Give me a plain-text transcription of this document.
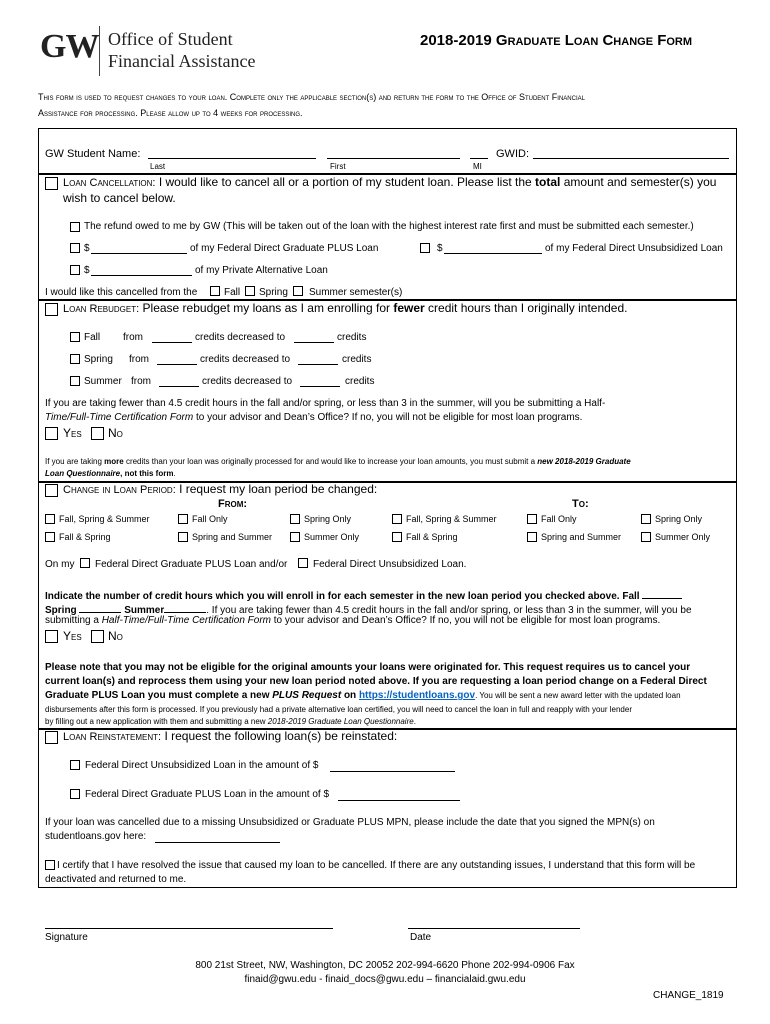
GW Office of Student
Financial Assistance
2018-2019 Graduate Loan Change Form
This form is used to request changes to your loan. Complete only the applicable section(s) and return the form to the Office of Student Financial
Assistance for processing. Please allow up to 4 weeks for processing.
GW Student Name:	GWID:
Last	First	MI
Loan Cancellation: I would like to cancel all or a portion of my student loan. Please list the total amount and semester(s) you
wish to cancel below.
The refund owed to me by GW (This will be taken out of the loan with the highest interest rate first and must be submitted each semester.)
$	of my Federal Direct Graduate PLUS Loan	$	of my Federal Direct Unsubsidized Loan
$	of my Private Alternative Loan
I would like this cancelled from the	Fall Spring Summer semester(s)
Loan Rebudget: Please rebudget my loans as I am enrolling for fewer credit hours than I originally intended.
Fall from	credits decreased to	credits
Spring from	credits decreased to	credits
Summer from	credits decreased to	credits
If you are taking fewer than 4.5 credit hours in the fall and/or spring, or less than 3 in the summer, will you be submitting a Half-
Time/Full-Time Certification Form to your advisor and Dean’s Office? If no, you will not be eligible for most loan programs.
Yes No
If you are taking more credits than your loan was originally processed for and would like to increase your loan amounts, you must submit a new 2018-2019 Graduate
Loan Questionnaire, not this form.
Change in Loan Period: I request my loan period be changed:
From:	To:
Fall, Spring & Summer	Fall Only	Spring Only	Fall, Spring & Summer	Fall Only	Spring Only
Fall & Spring	Spring and Summer	Summer Only	Fall & Spring	Spring and Summer	Summer Only
On my Federal Direct Graduate PLUS Loan and/or	Federal Direct Unsubsidized Loan.
Indicate the number of credit hours which you will enroll in for each semester in the new loan period you checked above. Fall
Spring	Summer	. If you are taking fewer than 4.5 credit hours in the fall and/or spring, or less than 3 in the summer, will you be
submitting a Half-Time/Full-Time Certification Form to your advisor and Dean’s Office? If no, you will not be eligible for most loan programs.
Yes No
Please note that you may not be eligible for the original amounts your loans were originated for. This request requires us to cancel your
current loan(s) and reprocess them using your new loan period noted above. If you are requesting a loan period change on a Federal Direct
Graduate PLUS Loan you must complete a new PLUS Request on https://studentloans.gov. You will be sent a new award letter with the updated loan
disbursements after this form is processed. If you previously had a private alternative loan certified, you will need to cancel the loan in full and reapply with your lender
by filling out a new application with them and submitting a new 2018-2019 Graduate Loan Questionnaire.
Loan Reinstatement: I request the following loan(s) be reinstated:
Federal Direct Unsubsidized Loan in the amount of $
Federal Direct Graduate PLUS Loan in the amount of $
If your loan was cancelled due to a missing Unsubsidized or Graduate PLUS MPN, please include the date that you signed the MPN(s) on
studentloans.gov here:
I certify that I have resolved the issue that caused my loan to be cancelled. If there are any outstanding issues, I understand that this form will be
deactivated and returned to me.
Signature	Date
800 21st Street, NW, Washington, DC 20052 202-994-6620 Phone 202-994-0906 Fax
finaid@gwu.edu - finaid_docs@gwu.edu – financialaid.gwu.edu
CHANGE_1819
